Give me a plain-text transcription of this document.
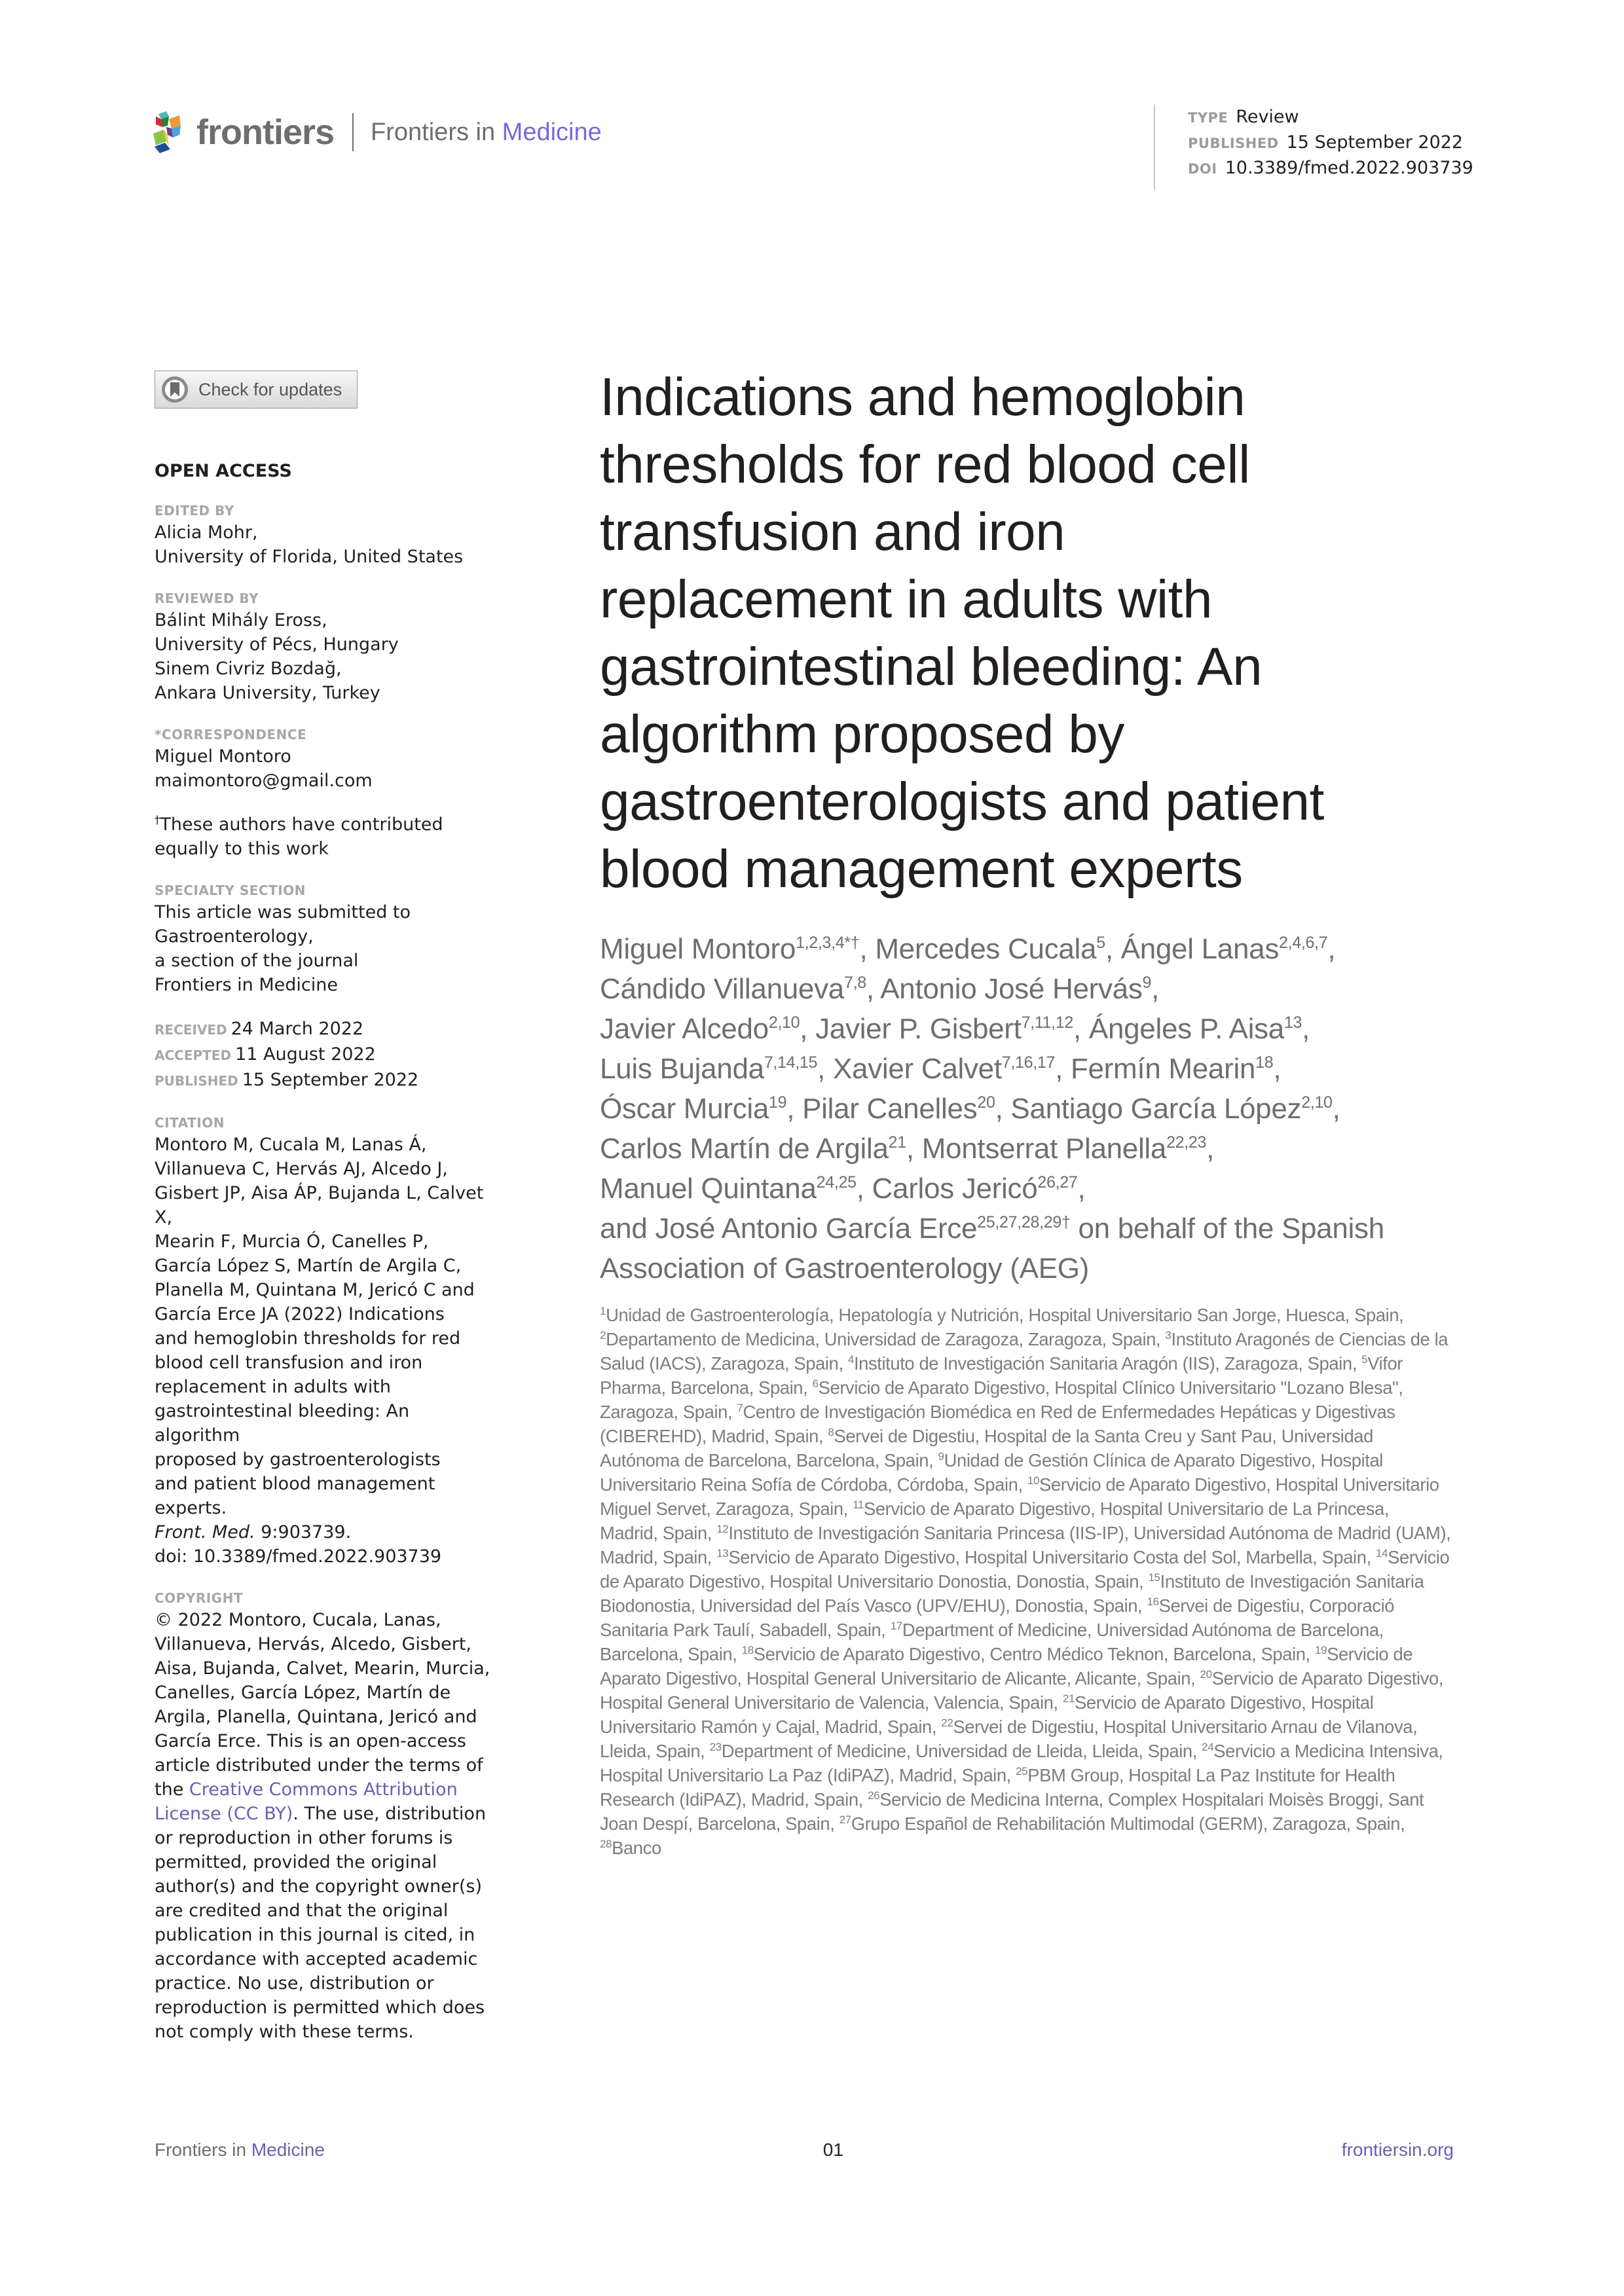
frontiers Frontiers in Medicine
TYPE Review
PUBLISHED 15 September 2022
DOI 10.3389/fmed.2022.903739
Check for updates
OPEN ACCESS
EDITED BY
Alicia Mohr,
University of Florida, United States
REVIEWED BY
Bálint Mihály Eross,
University of Pécs, Hungary
Sinem Civriz Bozdağ,
Ankara University, Turkey
*CORRESPONDENCE
Miguel Montoro
maimontoro@gmail.com
†These authors have contributed
equally to this work
SPECIALTY SECTION
This article was submitted to
Gastroenterology,
a section of the journal
Frontiers in Medicine
RECEIVED 24 March 2022
ACCEPTED 11 August 2022
PUBLISHED 15 September 2022
CITATION
Montoro M, Cucala M, Lanas Á,
Villanueva C, Hervás AJ, Alcedo J,
Gisbert JP, Aisa ÁP, Bujanda L, Calvet X,
Mearin F, Murcia Ó, Canelles P,
García López S, Martín de Argila C,
Planella M, Quintana M, Jericó C and
García Erce JA (2022) Indications
and hemoglobin thresholds for red
blood cell transfusion and iron
replacement in adults with
gastrointestinal bleeding: An algorithm
proposed by gastroenterologists
and patient blood management
experts.
Front. Med. 9:903739.
doi: 10.3389/fmed.2022.903739
COPYRIGHT
© 2022 Montoro, Cucala, Lanas, Villanueva, Hervás, Alcedo, Gisbert, Aisa, Bujanda, Calvet, Mearin, Murcia, Canelles, García López, Martín de Argila, Planella, Quintana, Jericó and García Erce. This is an open-access article distributed under the terms of the Creative Commons Attribution License (CC BY). The use, distribution or reproduction in other forums is permitted, provided the original author(s) and the copyright owner(s) are credited and that the original publication in this journal is cited, in accordance with accepted academic practice. No use, distribution or reproduction is permitted which does not comply with these terms.
Indications and hemoglobin
thresholds for red blood cell
transfusion and iron
replacement in adults with
gastrointestinal bleeding: An
algorithm proposed by
gastroenterologists and patient
blood management experts
Miguel Montoro$^{1,2,3,4*\dagger}$, Mercedes Cucala$^5$, Ángel Lanas$^{2,4,6,7}$,
Cándido Villanueva$^{7,8}$, Antonio José Hervás$^9$,
Javier Alcedo$^{2,10}$, Javier P. Gisbert$^{7,11,12}$, Ángeles P. Aisa$^{13}$,
Luis Bujanda$^{7,14,15}$, Xavier Calvet$^{7,16,17}$, Fermín Mearin$^{18}$,
Óscar Murcia$^{19}$, Pilar Canelles$^{20}$, Santiago García López$^{2,10}$,
Carlos Martín de Argila$^{21}$, Montserrat Planella$^{22,23}$,
Manuel Quintana$^{24,25}$, Carlos Jericó$^{26,27}$,
and José Antonio García Erce$^{25,27,28,29\dagger}$ on behalf of the Spanish Association of Gastroenterology (AEG)
$^1$Unidad de Gastroenterología, Hepatología y Nutrición, Hospital Universitario San Jorge, Huesca, Spain, $^2$Departamento de Medicina, Universidad de Zaragoza, Zaragoza, Spain, $^3$Instituto Aragonés de Ciencias de la Salud (IACS), Zaragoza, Spain, $^4$Instituto de Investigación Sanitaria Aragón (IIS), Zaragoza, Spain, $^5$Vifor Pharma, Barcelona, Spain, $^6$Servicio de Aparato Digestivo, Hospital Clínico Universitario "Lozano Blesa", Zaragoza, Spain, $^7$Centro de Investigación Biomédica en Red de Enfermedades Hepáticas y Digestivas (CIBEREHD), Madrid, Spain, $^8$Servei de Digestiu, Hospital de la Santa Creu y Sant Pau, Universidad Autónoma de Barcelona, Barcelona, Spain, $^9$Unidad de Gestión Clínica de Aparato Digestivo, Hospital Universitario Reina Sofía de Córdoba, Córdoba, Spain, $^{10}$Servicio de Aparato Digestivo, Hospital Universitario Miguel Servet, Zaragoza, Spain, $^{11}$Servicio de Aparato Digestivo, Hospital Universitario de La Princesa, Madrid, Spain, $^{12}$Instituto de Investigación Sanitaria Princesa (IIS-IP), Universidad Autónoma de Madrid (UAM), Madrid, Spain, $^{13}$Servicio de Aparato Digestivo, Hospital Universitario Costa del Sol, Marbella, Spain, $^{14}$Servicio de Aparato Digestivo, Hospital Universitario Donostia, Donostia, Spain, $^{15}$Instituto de Investigación Sanitaria Biodonostia, Universidad del País Vasco (UPV/EHU), Donostia, Spain, $^{16}$Servei de Digestiu, Corporació Sanitaria Park Taulí, Sabadell, Spain, $^{17}$Department of Medicine, Universidad Autónoma de Barcelona, Barcelona, Spain, $^{18}$Servicio de Aparato Digestivo, Centro Médico Teknon, Barcelona, Spain, $^{19}$Servicio de Aparato Digestivo, Hospital General Universitario de Alicante, Alicante, Spain, $^{20}$Servicio de Aparato Digestivo, Hospital General Universitario de Valencia, Valencia, Spain, $^{21}$Servicio de Aparato Digestivo, Hospital Universitario Ramón y Cajal, Madrid, Spain, $^{22}$Servei de Digestiu, Hospital Universitario Arnau de Vilanova, Lleida, Spain, $^{23}$Department of Medicine, Universidad de Lleida, Lleida, Spain, $^{24}$Servicio a Medicina Intensiva, Hospital Universitario La Paz (IdiPAZ), Madrid, Spain, $^{25}$PBM Group, Hospital La Paz Institute for Health Research (IdiPAZ), Madrid, Spain, $^{26}$Servicio de Medicina Interna, Complex Hospitalari Moisès Broggi, Sant Joan Despí, Barcelona, Spain, $^{27}$Grupo Español de Rehabilitación Multimodal (GERM), Zaragoza, Spain, $^{28}$Banco
Frontiers in Medicine	01	frontiersin.org
